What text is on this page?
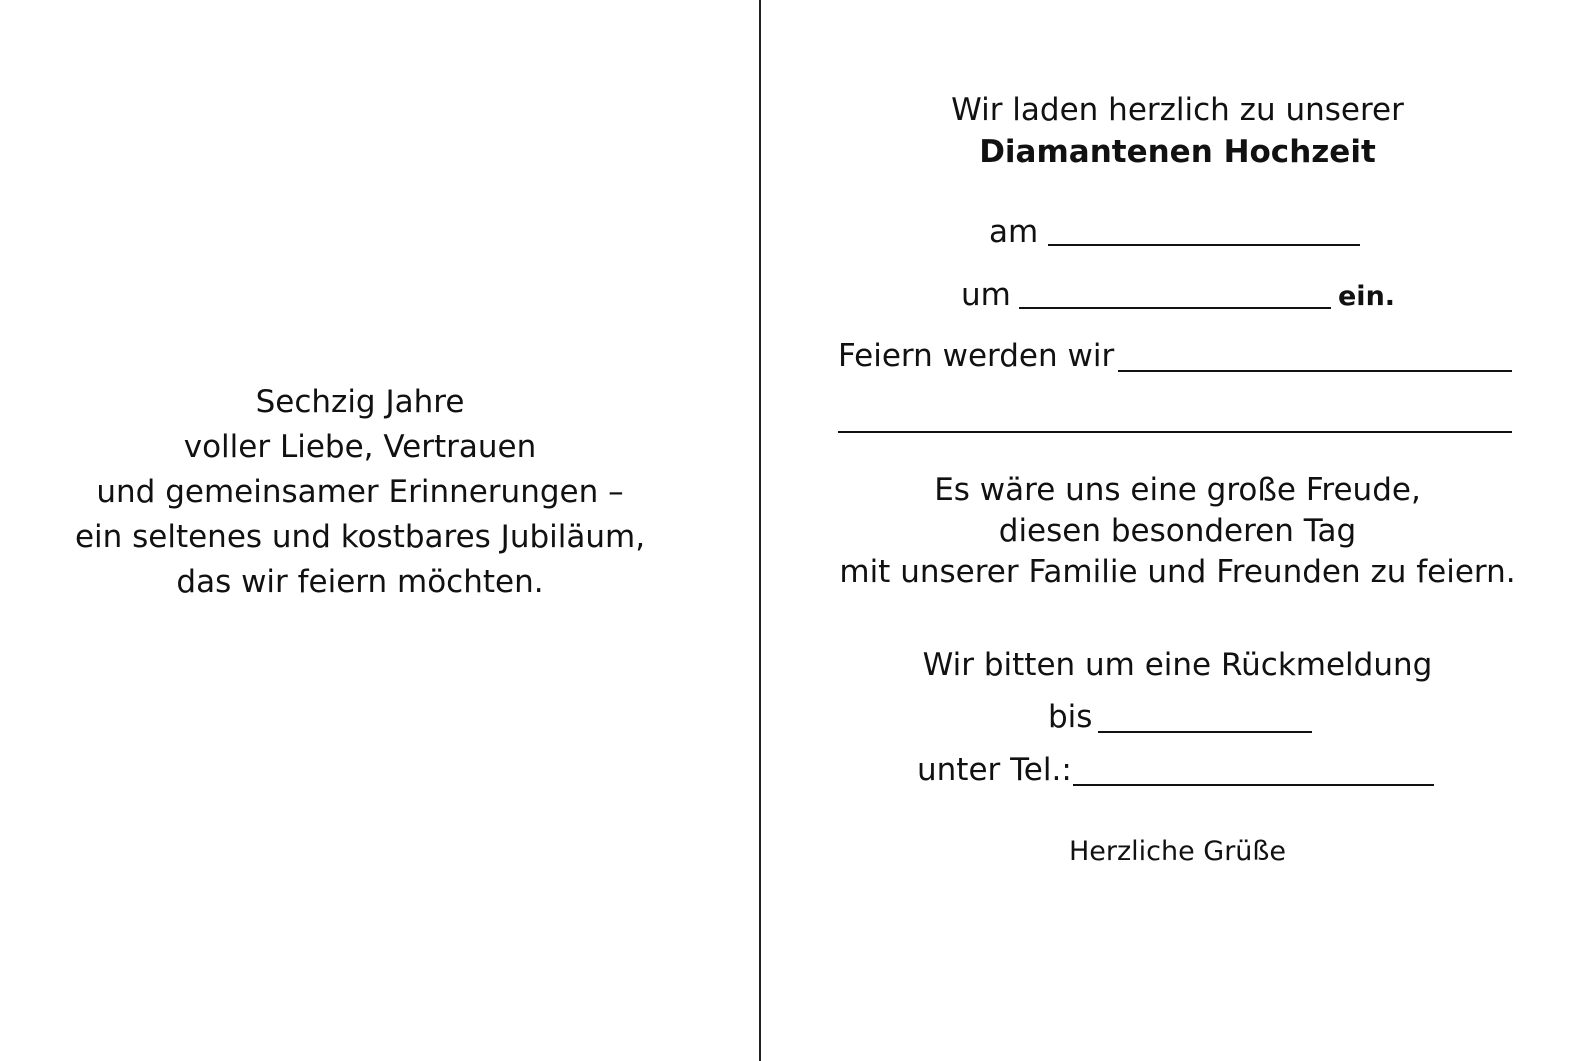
Sechzig Jahre
voller Liebe, Vertrauen
und gemeinsamer Erinnerungen –
ein seltenes und kostbares Jubiläum,
das wir feiern möchten.
Wir laden herzlich zu unserer
Diamantenen Hochzeit
am
um	ein.
Feiern werden wir
Es wäre uns eine große Freude,
diesen besonderen Tag
mit unserer Familie und Freunden zu feiern.
Wir bitten um eine Rückmeldung
bis
unter Tel.:
Herzliche Grüße
